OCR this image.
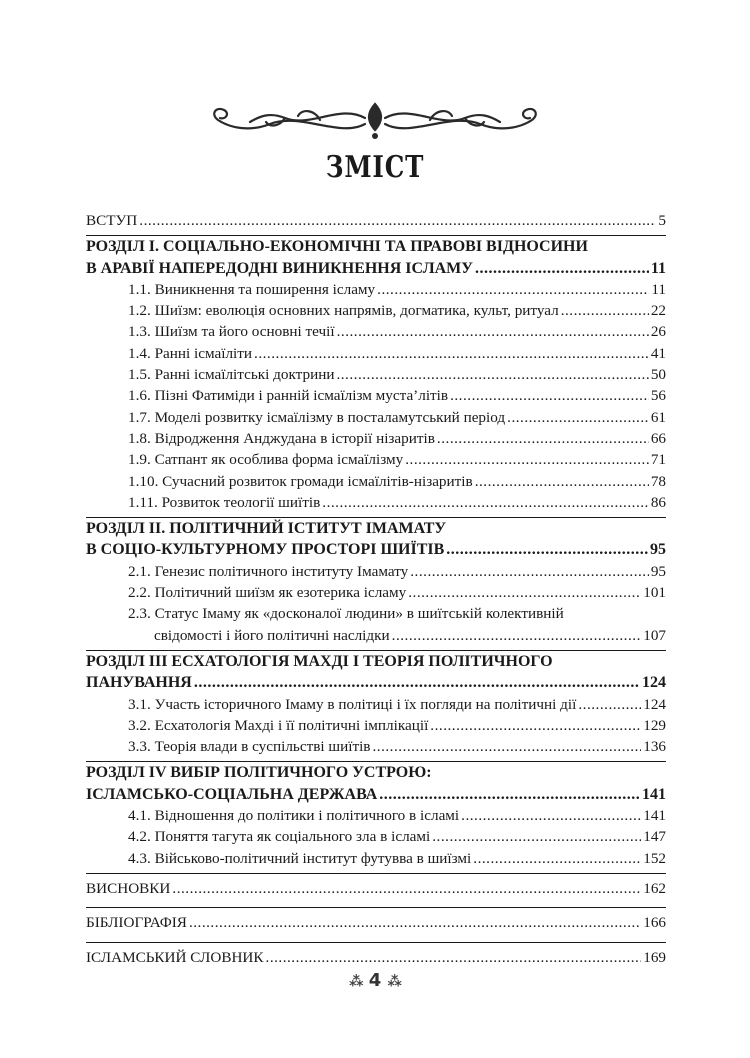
ЗМІСТ
ВСТУП .....	5
РОЗДІЛ І. СОЦІАЛЬНО-ЕКОНОМІЧНІ ТА ПРАВОВІ ВІДНОСИНИ
В АРАВІЇ НАПЕРЕДОДНІ ВИНИКНЕННЯ ІСЛАМУ .....	11
1.1. Виникнення та поширення ісламу .....	11
1.2. Шиїзм: еволюція основних напрямів, догматика, культ, ритуал .....	22
1.3. Шиїзм та його основні течії .....	26
1.4. Ранні ісмаїліти .....	41
1.5. Ранні ісмаїлітські доктрини .....	50
1.6. Пізні Фатиміди і ранній ісмаїлізм муста’літів .....	56
1.7. Моделі розвитку ісмаїлізму в посталамутський період .....	61
1.8. Відродження Анджудана в історії нізаритів .....	66
1.9. Сатпант як особлива форма ісмаїлізму .....	71
1.10. Сучасний розвиток громади ісмаїлітів-нізаритів .....	78
1.11. Розвиток теології шиїтів .....	86
РОЗДІЛ ІІ. ПОЛІТИЧНИЙ ІСТИТУТ ІМАМАТУ
В СОЦІО-КУЛЬТУРНОМУ ПРОСТОРІ ШИЇТІВ .....	95
2.1. Генезис політичного інституту Імамату .....	95
2.2. Політичний шиїзм як езотерика ісламу .....	101
2.3. Статус Імаму як «досконалої людини» в шиїтській колективній
свідомості і його політичні наслідки .....	107
РОЗДІЛ ІІІ ЕСХАТОЛОГІЯ МАХДІ І ТЕОРІЯ ПОЛІТИЧНОГО
ПАНУВАННЯ .....	124
3.1. Участь історичного Імаму в політиці і їх погляди на політичні дії .....	124
3.2. Есхатологія Махді і її політичні імплікації .....	129
3.3. Теорія влади в суспільстві шиїтів .....	136
РОЗДІЛ IV ВИБІР ПОЛІТИЧНОГО УСТРОЮ:
ІСЛАМСЬКО-СОЦІАЛЬНА ДЕРЖАВА .....	141
4.1. Відношення до політики і політичного в ісламі .....	141
4.2. Поняття тагута як соціального зла в ісламі .....	147
4.3. Військово-політичний інститут футувва в шиїзмі .....	152
ВИСНОВКИ .....	162
БІБЛІОГРАФІЯ .....	166
ІСЛАМСЬКИЙ СЛОВНИК .....	169
⁂ 4 ⁂
